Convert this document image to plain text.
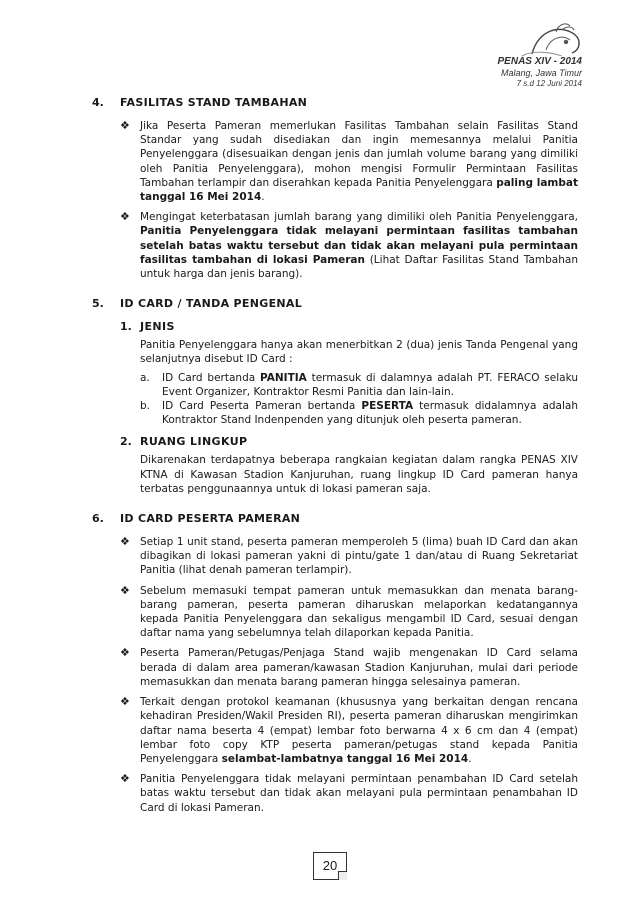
PENAS XIV - 2014
Malang, Jawa Timur
7 s.d 12 Juni 2014
4. FASILITAS STAND TAMBAHAN
❖ Jika Peserta Pameran memerlukan Fasilitas Tambahan selain Fasilitas Stand Standar yang sudah disediakan dan ingin memesannya melalui Panitia Penyelenggara (disesuaikan dengan jenis dan jumlah volume barang yang dimiliki oleh Panitia Penyelenggara), mohon mengisi Formulir Permintaan Fasilitas Tambahan terlampir dan diserahkan kepada Panitia Penyelenggara paling lambat tanggal 16 Mei 2014.
❖ Mengingat keterbatasan jumlah barang yang dimiliki oleh Panitia Penyelenggara, Panitia Penyelenggara tidak melayani permintaan fasilitas tambahan setelah batas waktu tersebut dan tidak akan melayani pula permintaan fasilitas tambahan di lokasi Pameran (Lihat Daftar Fasilitas Stand Tambahan untuk harga dan jenis barang).
5. ID CARD / TANDA PENGENAL
1. JENIS
Panitia Penyelenggara hanya akan menerbitkan 2 (dua) jenis Tanda Pengenal yang selanjutnya disebut ID Card :
a. ID Card bertanda PANITIA termasuk di dalamnya adalah PT. FERACO selaku Event Organizer, Kontraktor Resmi Panitia dan lain-lain.
b. ID Card Peserta Pameran bertanda PESERTA termasuk didalamnya adalah Kontraktor Stand Indenpenden yang ditunjuk oleh peserta pameran.
2. RUANG LINGKUP
Dikarenakan terdapatnya beberapa rangkaian kegiatan dalam rangka PENAS XIV KTNA di Kawasan Stadion Kanjuruhan, ruang lingkup ID Card pameran hanya terbatas penggunaannya untuk di lokasi pameran saja.
6. ID CARD PESERTA PAMERAN
❖ Setiap 1 unit stand, peserta pameran memperoleh 5 (lima) buah ID Card dan akan dibagikan di lokasi pameran yakni di pintu/gate 1 dan/atau di Ruang Sekretariat Panitia (lihat denah pameran terlampir).
❖ Sebelum memasuki tempat pameran untuk memasukkan dan menata barang-barang pameran, peserta pameran diharuskan melaporkan kedatangannya kepada Panitia Penyelenggara dan sekaligus mengambil ID Card, sesuai dengan daftar nama yang sebelumnya telah dilaporkan kepada Panitia.
❖ Peserta Pameran/Petugas/Penjaga Stand wajib mengenakan ID Card selama berada di dalam area pameran/kawasan Stadion Kanjuruhan, mulai dari periode memasukkan dan menata barang pameran hingga selesainya pameran.
❖ Terkait dengan protokol keamanan (khususnya yang berkaitan dengan rencana kehadiran Presiden/Wakil Presiden RI), peserta pameran diharuskan mengirimkan daftar nama beserta 4 (empat) lembar foto berwarna 4 x 6 cm dan 4 (empat) lembar foto copy KTP peserta pameran/petugas stand kepada Panitia Penyelenggara selambat-lambatnya tanggal 16 Mei 2014.
❖ Panitia Penyelenggara tidak melayani permintaan penambahan ID Card setelah batas waktu tersebut dan tidak akan melayani pula permintaan penambahan ID Card di lokasi Pameran.
20
